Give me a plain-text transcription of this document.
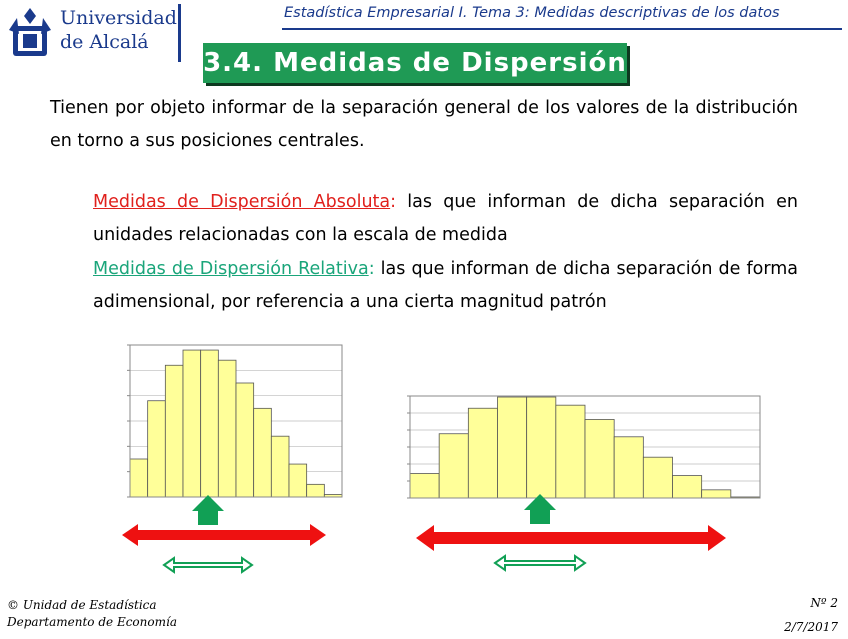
Universidad
de Alcalá
Estadística Empresarial I. Tema 3: Medidas descriptivas de los datos
3.4. Medidas de Dispersión
Tienen por objeto informar de la separación general de los valores de la distribución en torno a sus posiciones centrales.
Medidas de Dispersión Absoluta: las que informan de dicha separación en unidades relacionadas con la escala de medida
Medidas de Dispersión Relativa: las que informan de dicha separación de forma adimensional, por referencia a una cierta magnitud patrón
© Unidad de Estadística
Departamento de Economía
Nº 2
2/7/2017
